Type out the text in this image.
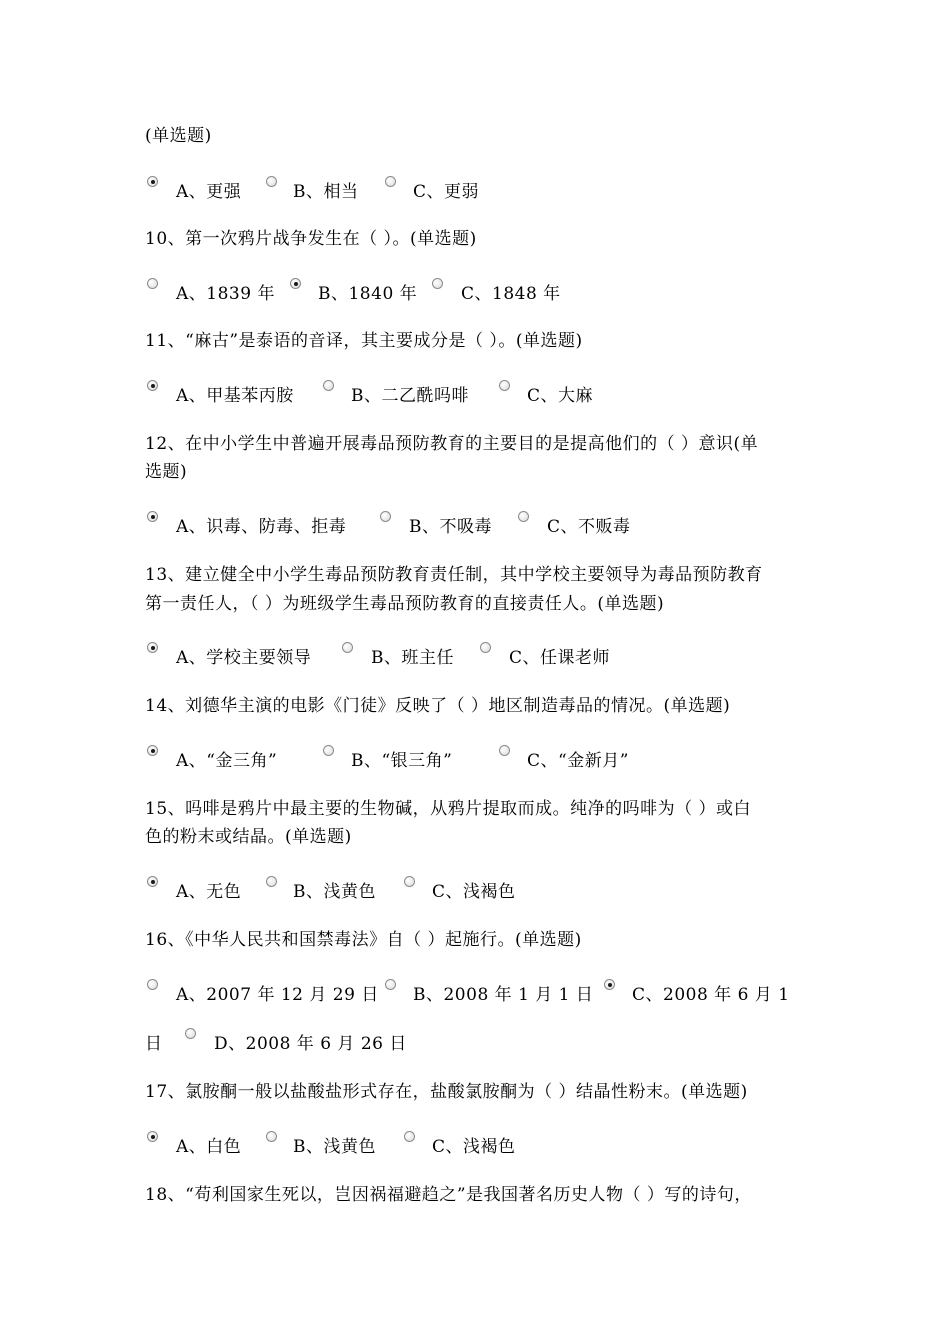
(单选题)
A、更强	B、相当	C、更弱
10、第一次鸦片战争发生在（ ）。(单选题)
A、1839 年	B、1840 年	C、1848 年
11、“麻古”是泰语的音译，其主要成分是（ ）。(单选题)
A、甲基苯丙胺	B、二乙酰吗啡	C、大麻
12、在中小学生中普遍开展毒品预防教育的主要目的是提高他们的（ ）意识(单
选题)
A、识毒、防毒、拒毒	B、不吸毒	C、不贩毒
13、建立健全中小学生毒品预防教育责任制，其中学校主要领导为毒品预防教育
第一责任人，（ ）为班级学生毒品预防教育的直接责任人。(单选题)
A、学校主要领导	B、班主任	C、任课老师
14、刘德华主演的电影《门徒》反映了（ ）地区制造毒品的情况。(单选题)
A、“金三角”	B、“银三角”	C、“金新月”
15、吗啡是鸦片中最主要的生物碱，从鸦片提取而成。纯净的吗啡为（ ）或白
色的粉末或结晶。(单选题)
A、无色	B、浅黄色	C、浅褐色
16、《中华人民共和国禁毒法》自（ ）起施行。(单选题)
A、2007 年 12 月 29 日 B、2008 年 1 月 1 日 C、2008 年 6 月 1
日	D、2008 年 6 月 26 日
17、氯胺酮一般以盐酸盐形式存在，盐酸氯胺酮为（ ）结晶性粉末。(单选题)
A、白色	B、浅黄色	C、浅褐色
18、“苟利国家生死以，岂因祸福避趋之”是我国著名历史人物（ ）写的诗句，
